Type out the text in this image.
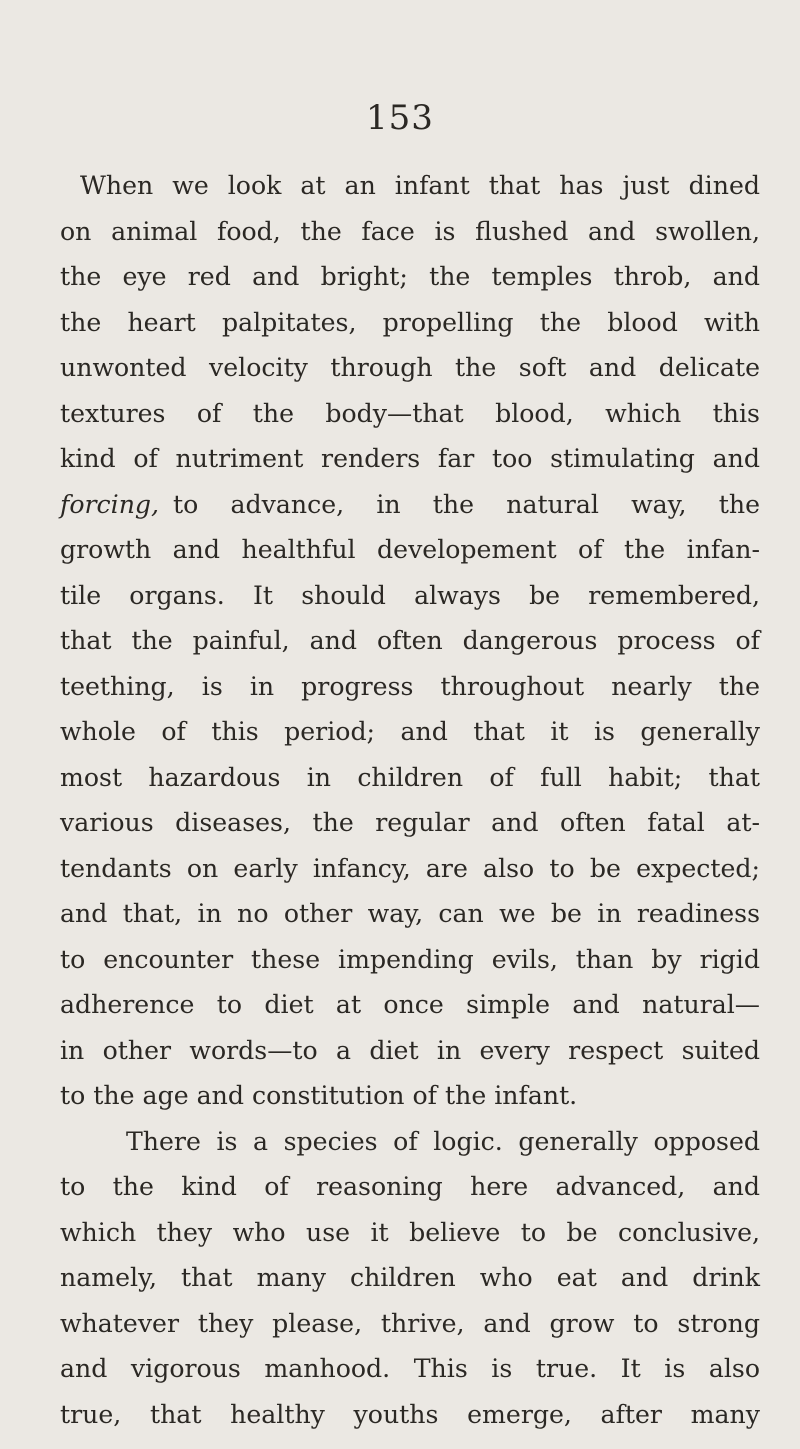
153
When we look at an infant that has just dined
on animal food, the face is flushed and swollen,
the eye red and bright; the temples throb, and
the heart palpitates, propelling the blood with
unwonted velocity through the soft and delicate
textures of the body—that blood, which this
kind of nutriment renders far too stimulating and
forcing, to advance, in the natural way, the
growth and healthful developement of the infan-
tile organs. It should always be remembered,
that the painful, and often dangerous process of
teething, is in progress throughout nearly the
whole of this period; and that it is generally
most hazardous in children of full habit; that
various diseases, the regular and often fatal at-
tendants on early infancy, are also to be expected;
and that, in no other way, can we be in readiness
to encounter these impending evils, than by rigid
adherence to diet at once simple and natural—
in other words—to a diet in every respect suited
to the age and constitution of the infant.
There is a species of logic. generally opposed
to the kind of reasoning here advanced, and
which they who use it believe to be conclusive,
namely, that many children who eat and drink
whatever they please, thrive, and grow to strong
and vigorous manhood. This is true. It is also
true, that healthy youths emerge, after many
